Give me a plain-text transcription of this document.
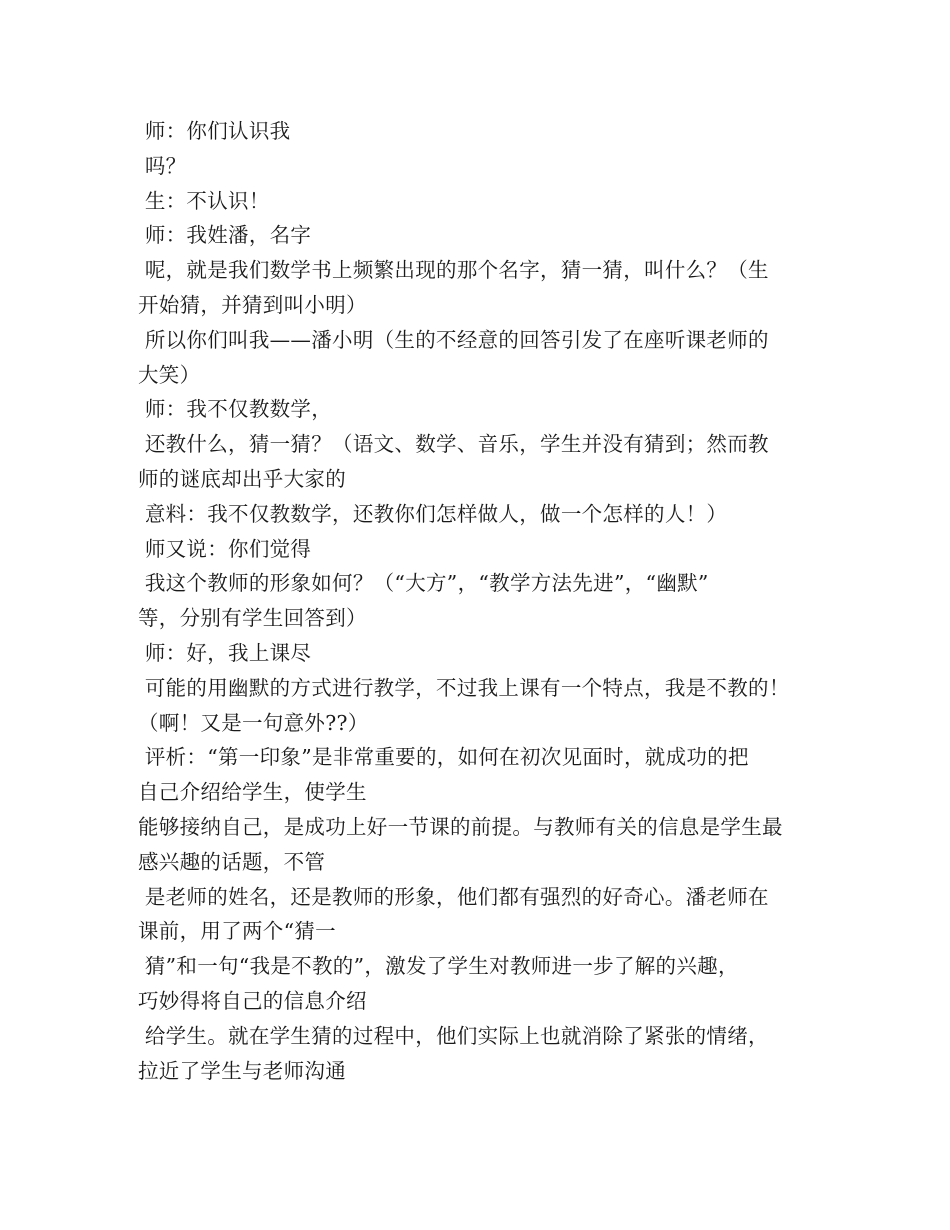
师：你们认识我
吗？
生：不认识！
师：我姓潘，名字
呢，就是我们数学书上频繁出现的那个名字，猜一猜，叫什么？（生
开始猜，并猜到叫小明）
所以你们叫我——潘小明（生的不经意的回答引发了在座听课老师的
大笑）
师：我不仅教数学，
还教什么，猜一猜？（语文、数学、音乐，学生并没有猜到；然而教
师的谜底却出乎大家的
意料：我不仅教数学，还教你们怎样做人，做一个怎样的人！）
师又说：你们觉得
我这个教师的形象如何？（“大方”，“教学方法先进”，“幽默”
等，分别有学生回答到）
师：好，我上课尽
可能的用幽默的方式进行教学，不过我上课有一个特点，我是不教的！
（啊！又是一句意外??）
评析：“第一印象”是非常重要的，如何在初次见面时，就成功的把
自己介绍给学生，使学生
能够接纳自己，是成功上好一节课的前提。与教师有关的信息是学生最
感兴趣的话题，不管
是老师的姓名，还是教师的形象，他们都有强烈的好奇心。潘老师在
课前，用了两个“猜一
猜”和一句“我是不教的”，激发了学生对教师进一步了解的兴趣，
巧妙得将自己的信息介绍
给学生。就在学生猜的过程中，他们实际上也就消除了紧张的情绪，
拉近了学生与老师沟通
